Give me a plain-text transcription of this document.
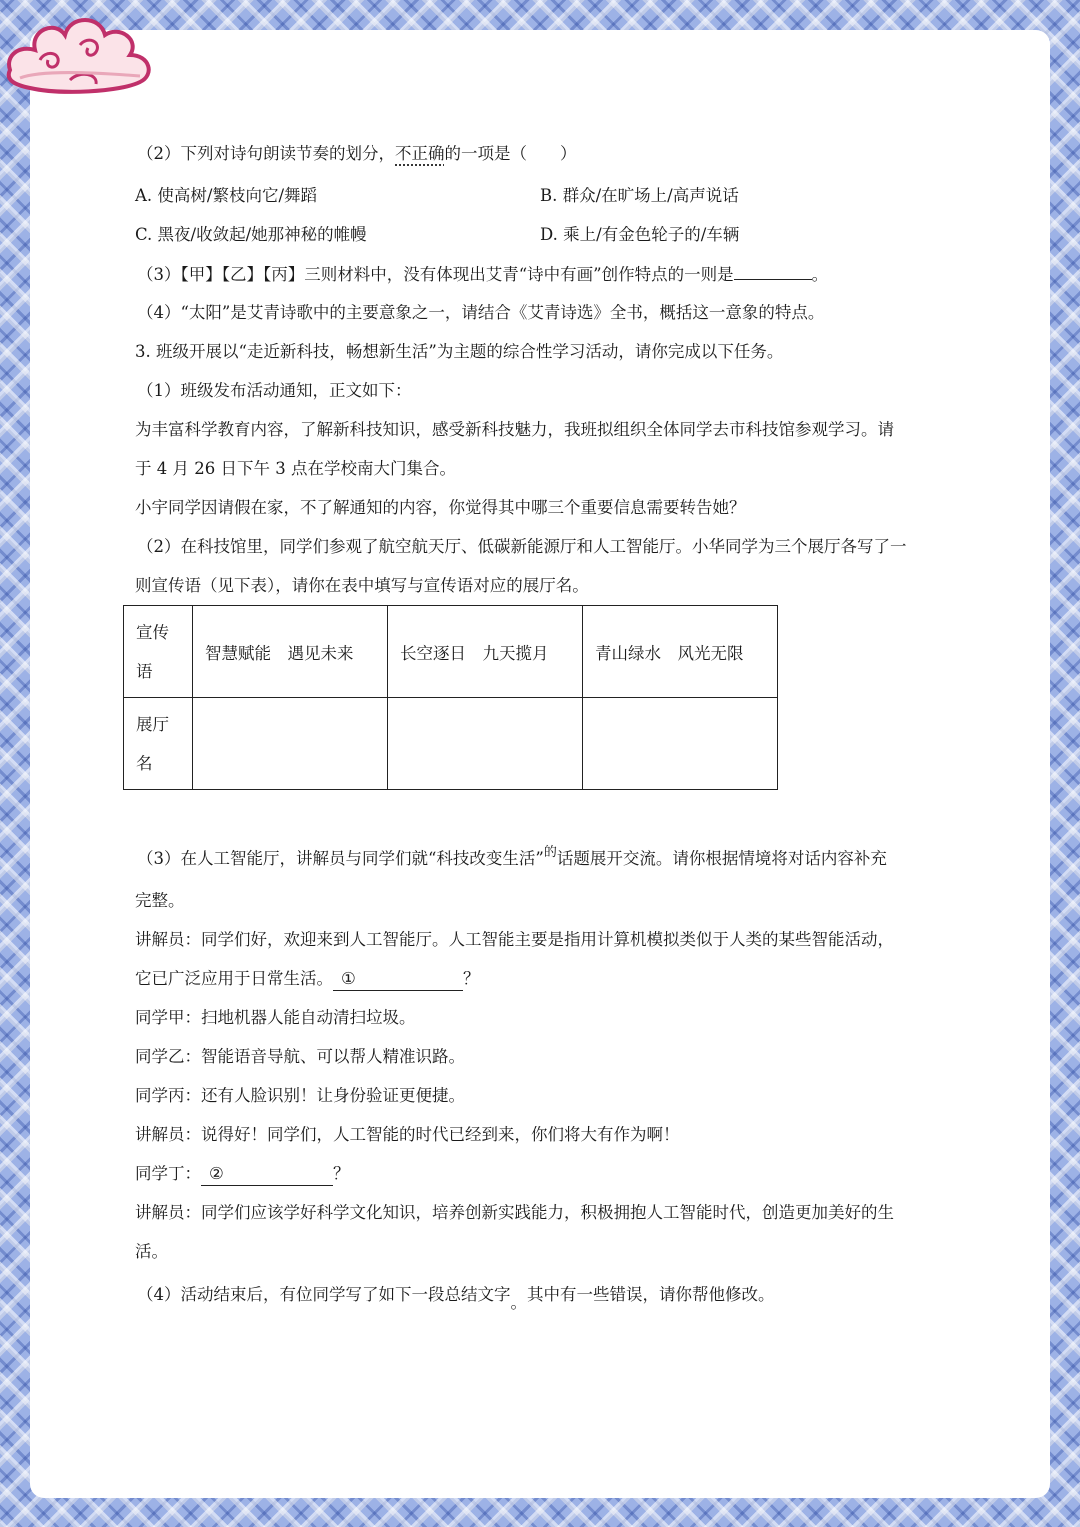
（2）下列对诗句朗读节奏的划分，不正确的一项是（　　）
A. 使高树/繁枝向它/舞蹈	B. 群众/在旷场上/高声说话
C. 黑夜/收敛起/她那神秘的帷幔	D. 乘上/有金色轮子的/车辆
（3）【甲】【乙】【丙】三则材料中，没有体现出艾青“诗中有画”创作特点的一则是	。
（4）“太阳”是艾青诗歌中的主要意象之一，请结合《艾青诗选》全书，概括这一意象的特点。
3. 班级开展以“走近新科技，畅想新生活”为主题的综合性学习活动，请你完成以下任务。
（1）班级发布活动通知，正文如下：
为丰富科学教育内容，了解新科技知识，感受新科技魅力，我班拟组织全体同学去市科技馆参观学习。请
于 4 月 26 日下午 3 点在学校南大门集合。
小宇同学因请假在家，不了解通知的内容，你觉得其中哪三个重要信息需要转告她？
（2）在科技馆里，同学们参观了航空航天厅、低碳新能源厅和人工智能厅。小华同学为三个展厅各写了一
则宣传语（见下表），请你在表中填写与宣传语对应的展厅名。
宣传
语	智慧赋能　遇见未来	长空逐日　九天揽月	青山绿水　风光无限

展厅
名			

（3）在人工智能厅，讲解员与同学们就“科技改变生活”$^的$话题展开交流。请你根据情境将对话内容补充
完整。
讲解员：同学们好，欢迎来到人工智能厅。人工智能主要是指用计算机模拟类似于人类的某些智能活动，
它已广泛应用于日常生活。 ①	？
同学甲：扫地机器人能自动清扫垃圾。
同学乙：智能语音导航、可以帮人精准识路。
同学丙：还有人脸识别！让身份验证更便捷。
讲解员：说得好！同学们，人工智能的时代已经到来，你们将大有作为啊！
同学丁： ②	？
讲解员：同学们应该学好科学文化知识，培养创新实践能力，积极拥抱人工智能时代，创造更加美好的生
活。
（4）活动结束后，有位同学写了如下一段总结文字。其中有一些错误，请你帮他修改。
